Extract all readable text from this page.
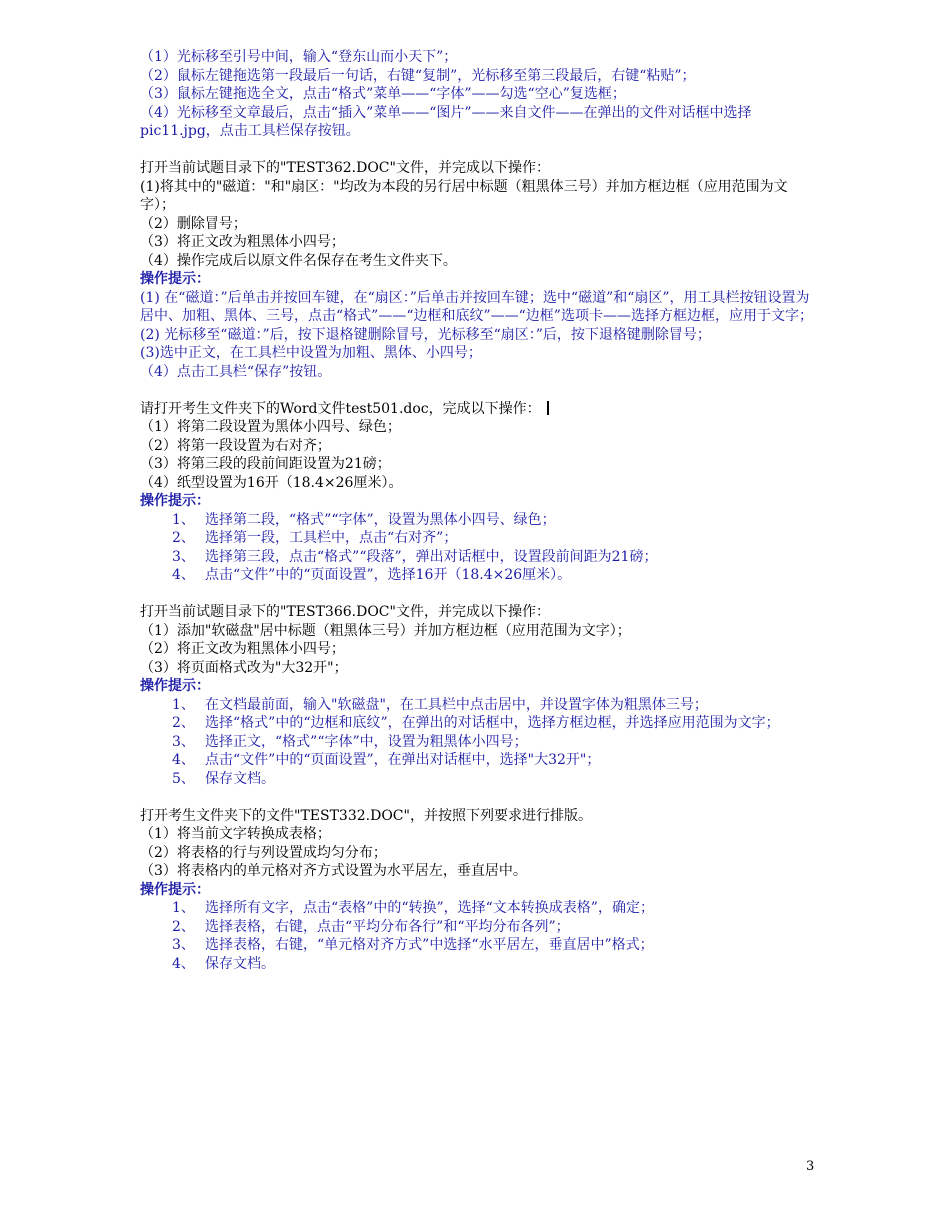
（1）光标移至引号中间，输入“登东山而小天下”；
（2）鼠标左键拖选第一段最后一句话，右键“复制”，光标移至第三段最后，右键“粘贴”；
（3）鼠标左键拖选全文，点击“格式”菜单——“字体”——勾选“空心”复选框；
（4）光标移至文章最后，点击“插入”菜单——“图片”——来自文件——在弹出的文件对话框中选择pic11.jpg，点击工具栏保存按钮。
打开当前试题目录下的"TEST362.DOC"文件，并完成以下操作：
(1)将其中的"磁道："和"扇区："均改为本段的另行居中标题（粗黑体三号）并加方框边框（应用范围为文字）；
（2）删除冒号；
（3）将正文改为粗黑体小四号；
（4）操作完成后以原文件名保存在考生文件夹下。
操作提示：
(1) 在“磁道：”后单击并按回车键，在“扇区：”后单击并按回车键；选中“磁道”和“扇区”，用工具栏按钮设置为居中、加粗、黑体、三号，点击“格式”——“边框和底纹”——“边框”选项卡——选择方框边框，应用于文字；
(2) 光标移至“磁道：”后，按下退格键删除冒号，光标移至“扇区：”后，按下退格键删除冒号；
(3)选中正文，在工具栏中设置为加粗、黑体、小四号；
（4）点击工具栏“保存”按钮。
请打开考生文件夹下的Word文件test501.doc，完成以下操作：
（1）将第二段设置为黑体小四号、绿色；
（2）将第一段设置为右对齐；
（3）将第三段的段前间距设置为21磅；
（4）纸型设置为16开（18.4×26厘米）。
操作提示：
1、 选择第二段，“格式”“字体”，设置为黑体小四号、绿色；
2、 选择第一段，工具栏中，点击“右对齐”；
3、 选择第三段，点击“格式”“段落”，弹出对话框中，设置段前间距为21磅；
4、 点击“文件”中的“页面设置”，选择16开（18.4×26厘米）。
打开当前试题目录下的"TEST366.DOC"文件，并完成以下操作：
（1）添加"软磁盘"居中标题（粗黑体三号）并加方框边框（应用范围为文字）；
（2）将正文改为粗黑体小四号；
（3）将页面格式改为"大32开"；
操作提示：
1、 在文档最前面，输入"软磁盘"，在工具栏中点击居中，并设置字体为粗黑体三号；
2、 选择“格式”中的“边框和底纹”，在弹出的对话框中，选择方框边框，并选择应用范围为文字；
3、 选择正文，“格式”“字体”中，设置为粗黑体小四号；
4、 点击“文件”中的“页面设置”，在弹出对话框中，选择"大32开"；
5、 保存文档。
打开考生文件夹下的文件"TEST332.DOC"，并按照下列要求进行排版。
（1）将当前文字转换成表格；
（2）将表格的行与列设置成均匀分布；
（3）将表格内的单元格对齐方式设置为水平居左，垂直居中。
操作提示：
1、 选择所有文字，点击“表格”中的“转换”，选择“文本转换成表格”，确定；
2、 选择表格，右键，点击“平均分布各行”和“平均分布各列”；
3、 选择表格，右键，“单元格对齐方式”中选择“水平居左，垂直居中”格式；
4、 保存文档。
3
